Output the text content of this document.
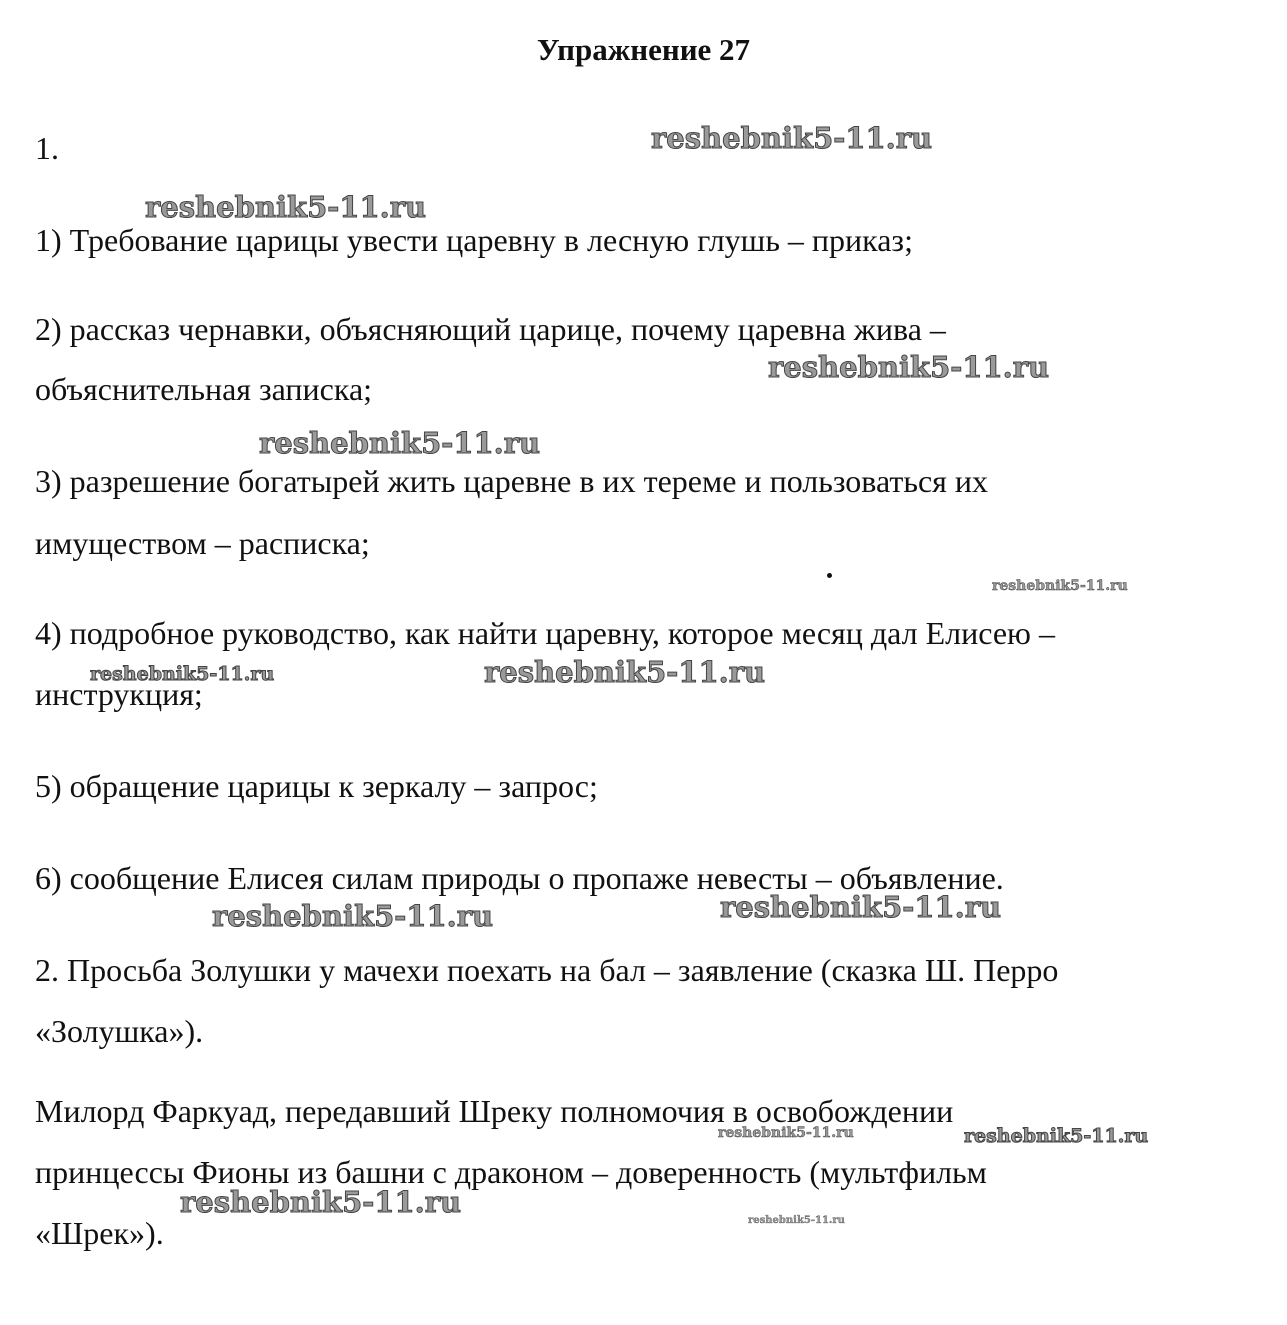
Упражнение 27

1.

1) Требование царицы увести царевну в лесную глушь – приказ;

2) рассказ чернавки, объясняющий царице, почему царевна жива –

объяснительная записка;

3) разрешение богатырей жить царевне в их тереме и пользоваться их

имуществом – расписка;

4) подробное руководство, как найти царевну, которое месяц дал Елисею –

инструкция;

5) обращение царицы к зеркалу – запрос;

6) сообщение Елисея силам природы о пропаже невесты – объявление.

2. Просьба Золушки у мачехи поехать на бал – заявление (сказка Ш. Перро

«Золушка»).

Милорд Фаркуад, передавший Шреку полномочия в освобождении

принцессы Фионы из башни с драконом – доверенность (мультфильм

«Шрек»).

reshebnik5-11.ru
reshebnik5-11.ru
reshebnik5-11.ru
reshebnik5-11.ru
reshebnik5-11.ru
reshebnik5-11.ru	reshebnik5-11.ru
reshebnik5-11.ru	reshebnik5-11.ru
reshebnik5-11.ru	reshebnik5-11.ru
reshebnik5-11.ru
reshebnik5-11.ru
